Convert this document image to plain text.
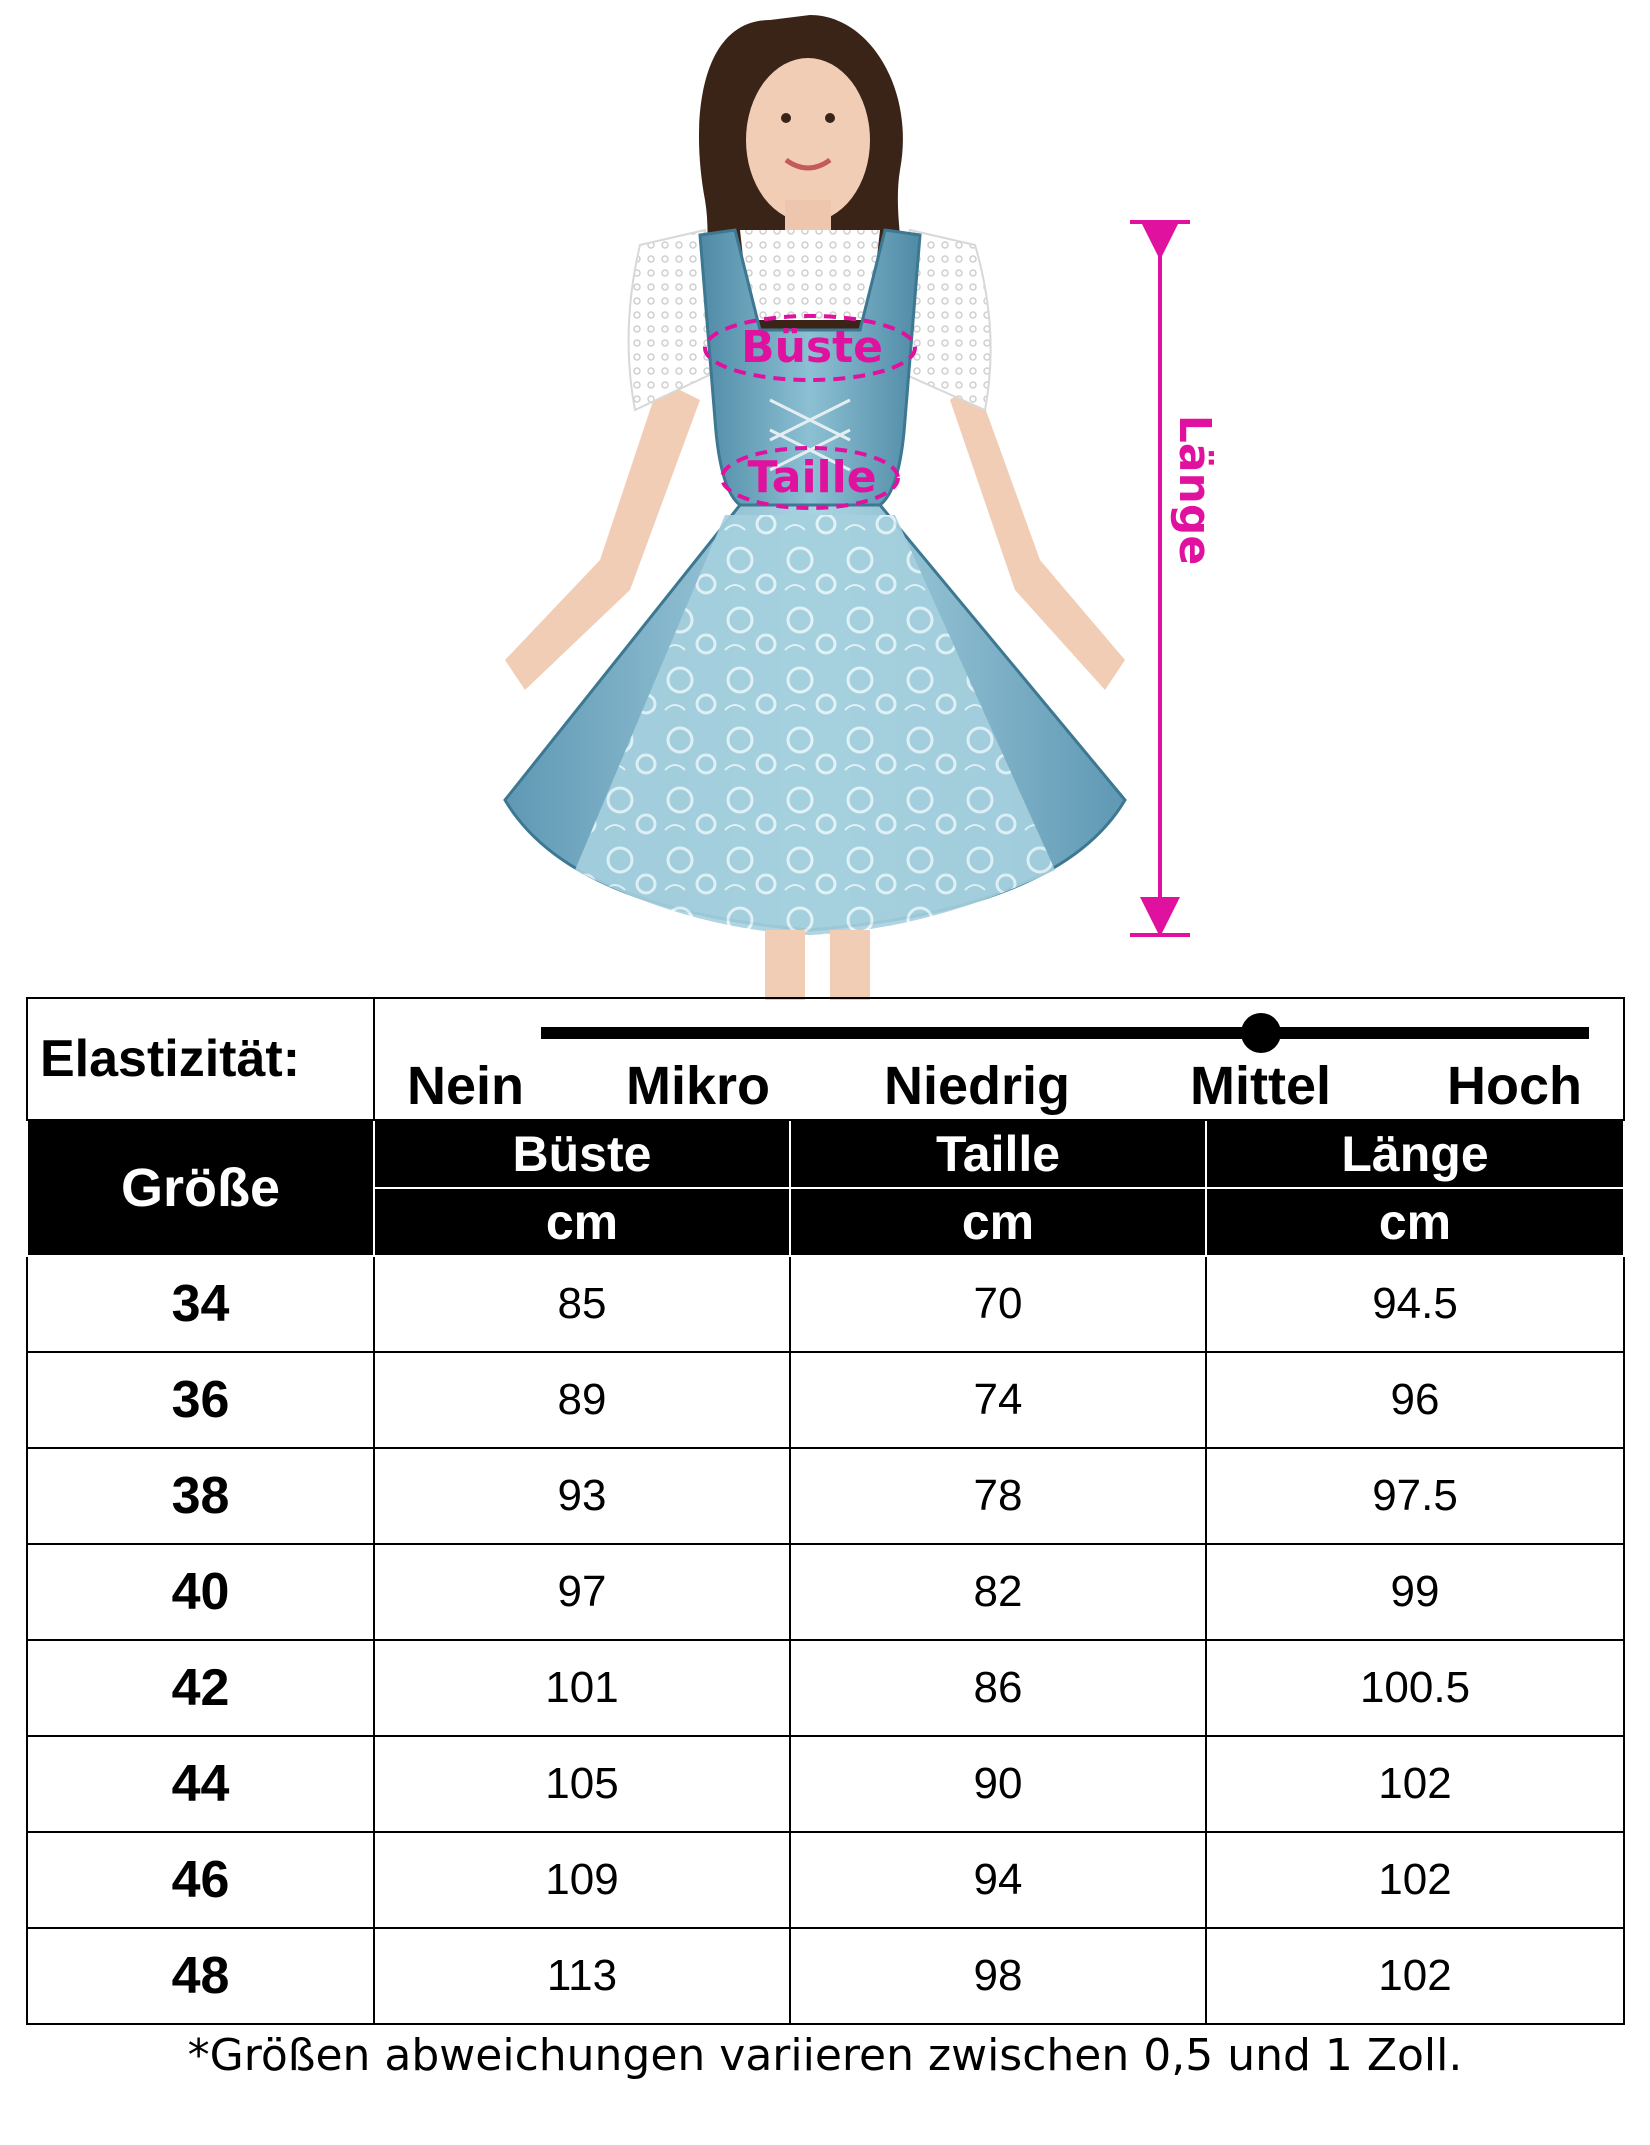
Büste
Taille	Länge
Elastizität:	Nein Mikro Niedrig Mittel Hoch		

Größe	Büste	Taille	Länge
	cm	cm	cm
34	85	70	94.5
36	89	74	96
38	93	78	97.5
40	97	82	99
42	101	86	100.5
44	105	90	102
46	109	94	102
48	113	98	102
*Größen abweichungen variieren zwischen 0,5 und 1 Zoll.
